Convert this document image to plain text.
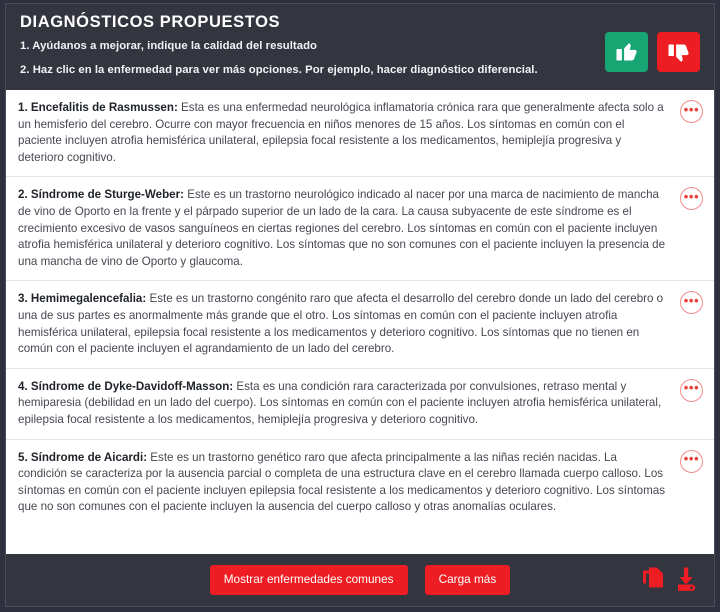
DIAGNÓSTICOS PROPUESTOS
1. Ayúdanos a mejorar, indique la calidad del resultado
2. Haz clic en la enfermedad para ver más opciones. Por ejemplo, hacer diagnóstico diferencial.

1. Encefalitis de Rasmussen: Esta es una enfermedad neurológica inflamatoria crónica rara que generalmente afecta solo a un hemisferio del cerebro. Ocurre con mayor frecuencia en niños menores de 15 años. Los síntomas en común con el paciente incluyen atrofia hemisférica unilateral, epilepsia focal resistente a los medicamentos, hemiplejía progresiva y deterioro cognitivo.

•••

2. Síndrome de Sturge-Weber: Este es un trastorno neurológico indicado al nacer por una marca de nacimiento de mancha de vino de Oporto en la frente y el párpado superior de un lado de la cara. La causa subyacente de este síndrome es el crecimiento excesivo de vasos sanguíneos en ciertas regiones del cerebro. Los síntomas en común con el paciente incluyen atrofia hemisférica unilateral y deterioro cognitivo. Los síntomas que no son comunes con el paciente incluyen la presencia de una mancha de vino de Oporto y glaucoma.

•••

3. Hemimegalencefalia: Este es un trastorno congénito raro que afecta el desarrollo del cerebro donde un lado del cerebro o una de sus partes es anormalmente más grande que el otro. Los síntomas en común con el paciente incluyen atrofia hemisférica unilateral, epilepsia focal resistente a los medicamentos y deterioro cognitivo. Los síntomas que no tienen en común con el paciente incluyen el agrandamiento de un lado del cerebro.

•••

4. Síndrome de Dyke-Davidoff-Masson: Esta es una condición rara caracterizada por convulsiones, retraso mental y hemiparesia (debilidad en un lado del cuerpo). Los síntomas en común con el paciente incluyen atrofia hemisférica unilateral, epilepsia focal resistente a los medicamentos, hemiplejía progresiva y deterioro cognitivo.

•••

5. Síndrome de Aicardi: Este es un trastorno genético raro que afecta principalmente a las niñas recién nacidas. La condición se caracteriza por la ausencia parcial o completa de una estructura clave en el cerebro llamada cuerpo calloso. Los síntomas en común con el paciente incluyen epilepsia focal resistente a los medicamentos y deterioro cognitivo. Los síntomas que no son comunes con el paciente incluyen la ausencia del cuerpo calloso y otras anomalías oculares.

•••
Mostrar enfermedades comunes	Carga más
